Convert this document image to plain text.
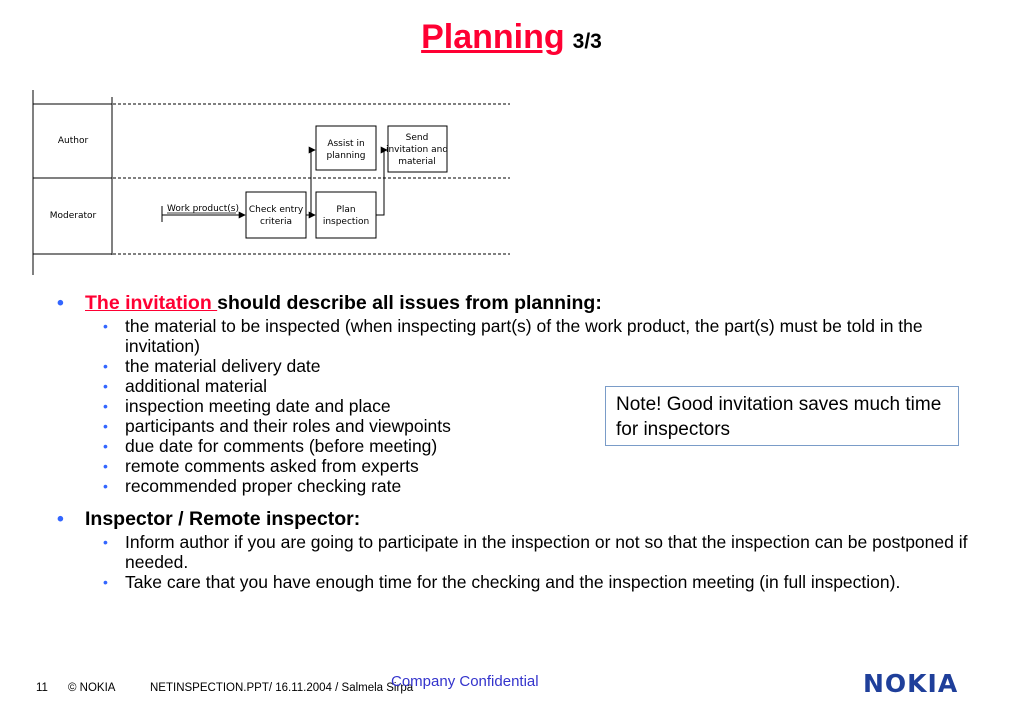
Planning 3/3
Author
Moderator
Work product(s)
Assist in
planning
Send
invitation and
material
Check entry
criteria
Plan
inspection
• The invitation should describe all issues from planning:
• the material to be inspected (when inspecting part(s) of the work product, the part(s) must be told in the invitation)
• the material delivery date
• additional material
• inspection meeting date and place
• participants and their roles and viewpoints
• due date for comments (before meeting)
• remote comments asked from experts
• recommended proper checking rate
• Inspector / Remote inspector:
• Inform author if you are going to participate in the inspection or not so that the inspection can be postponed if needed.
• Take care that you have enough time for the checking and the inspection meeting (in full inspection).
Note! Good invitation saves much time for inspectors
11 © NOKIA	NETINSPECTION.PPT/ 16.11.2004 / Salmela Sirpa
Company Confidential	NOKIA
